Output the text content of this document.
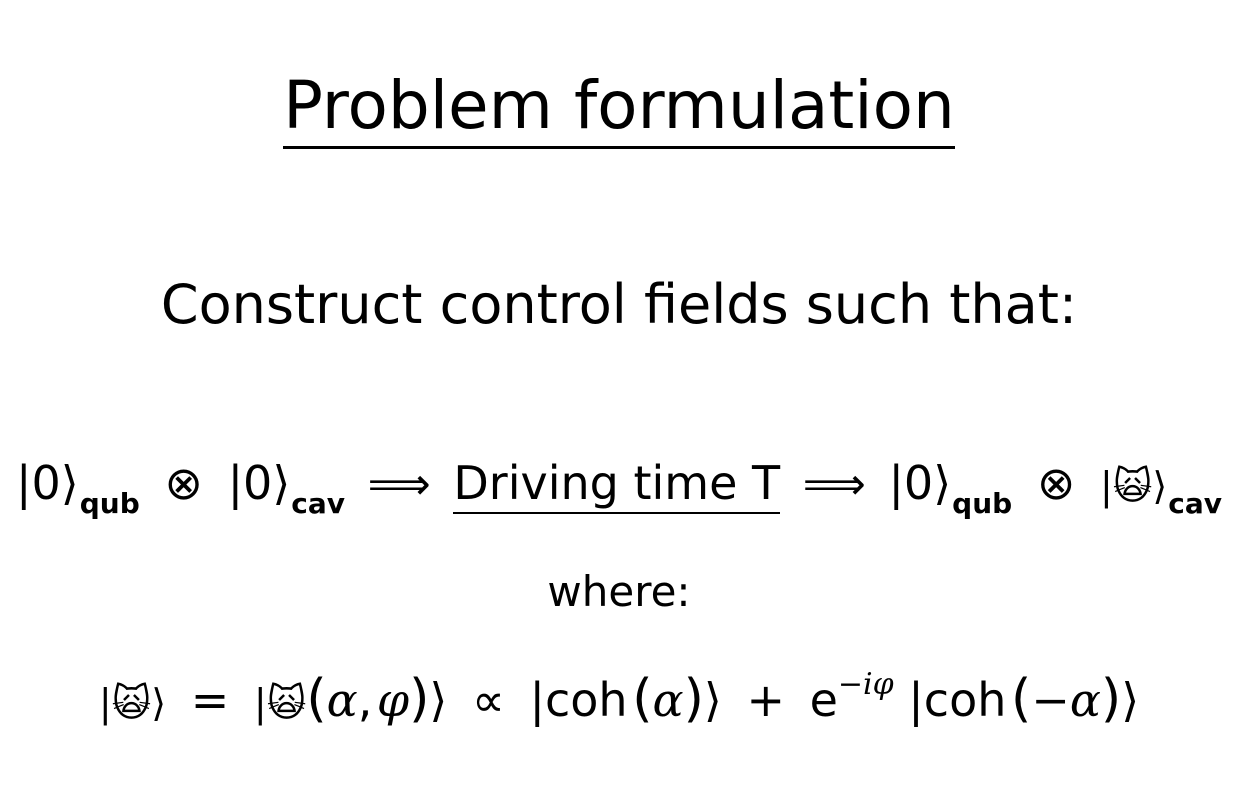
Problem formulation
Construct control fields such that:
$|0⟩_{qub}$ ⊗ $|0⟩_{cav}$ ⟹ Driving time T ⟹ $|0⟩_{qub}$ ⊗ $|🙀⟩_{cav}$
where:
|🙀⟩ = |🙀(α, φ)⟩ ∝ |coh (α)⟩ + $e^{-i\varphi}$ |coh (−α)⟩
